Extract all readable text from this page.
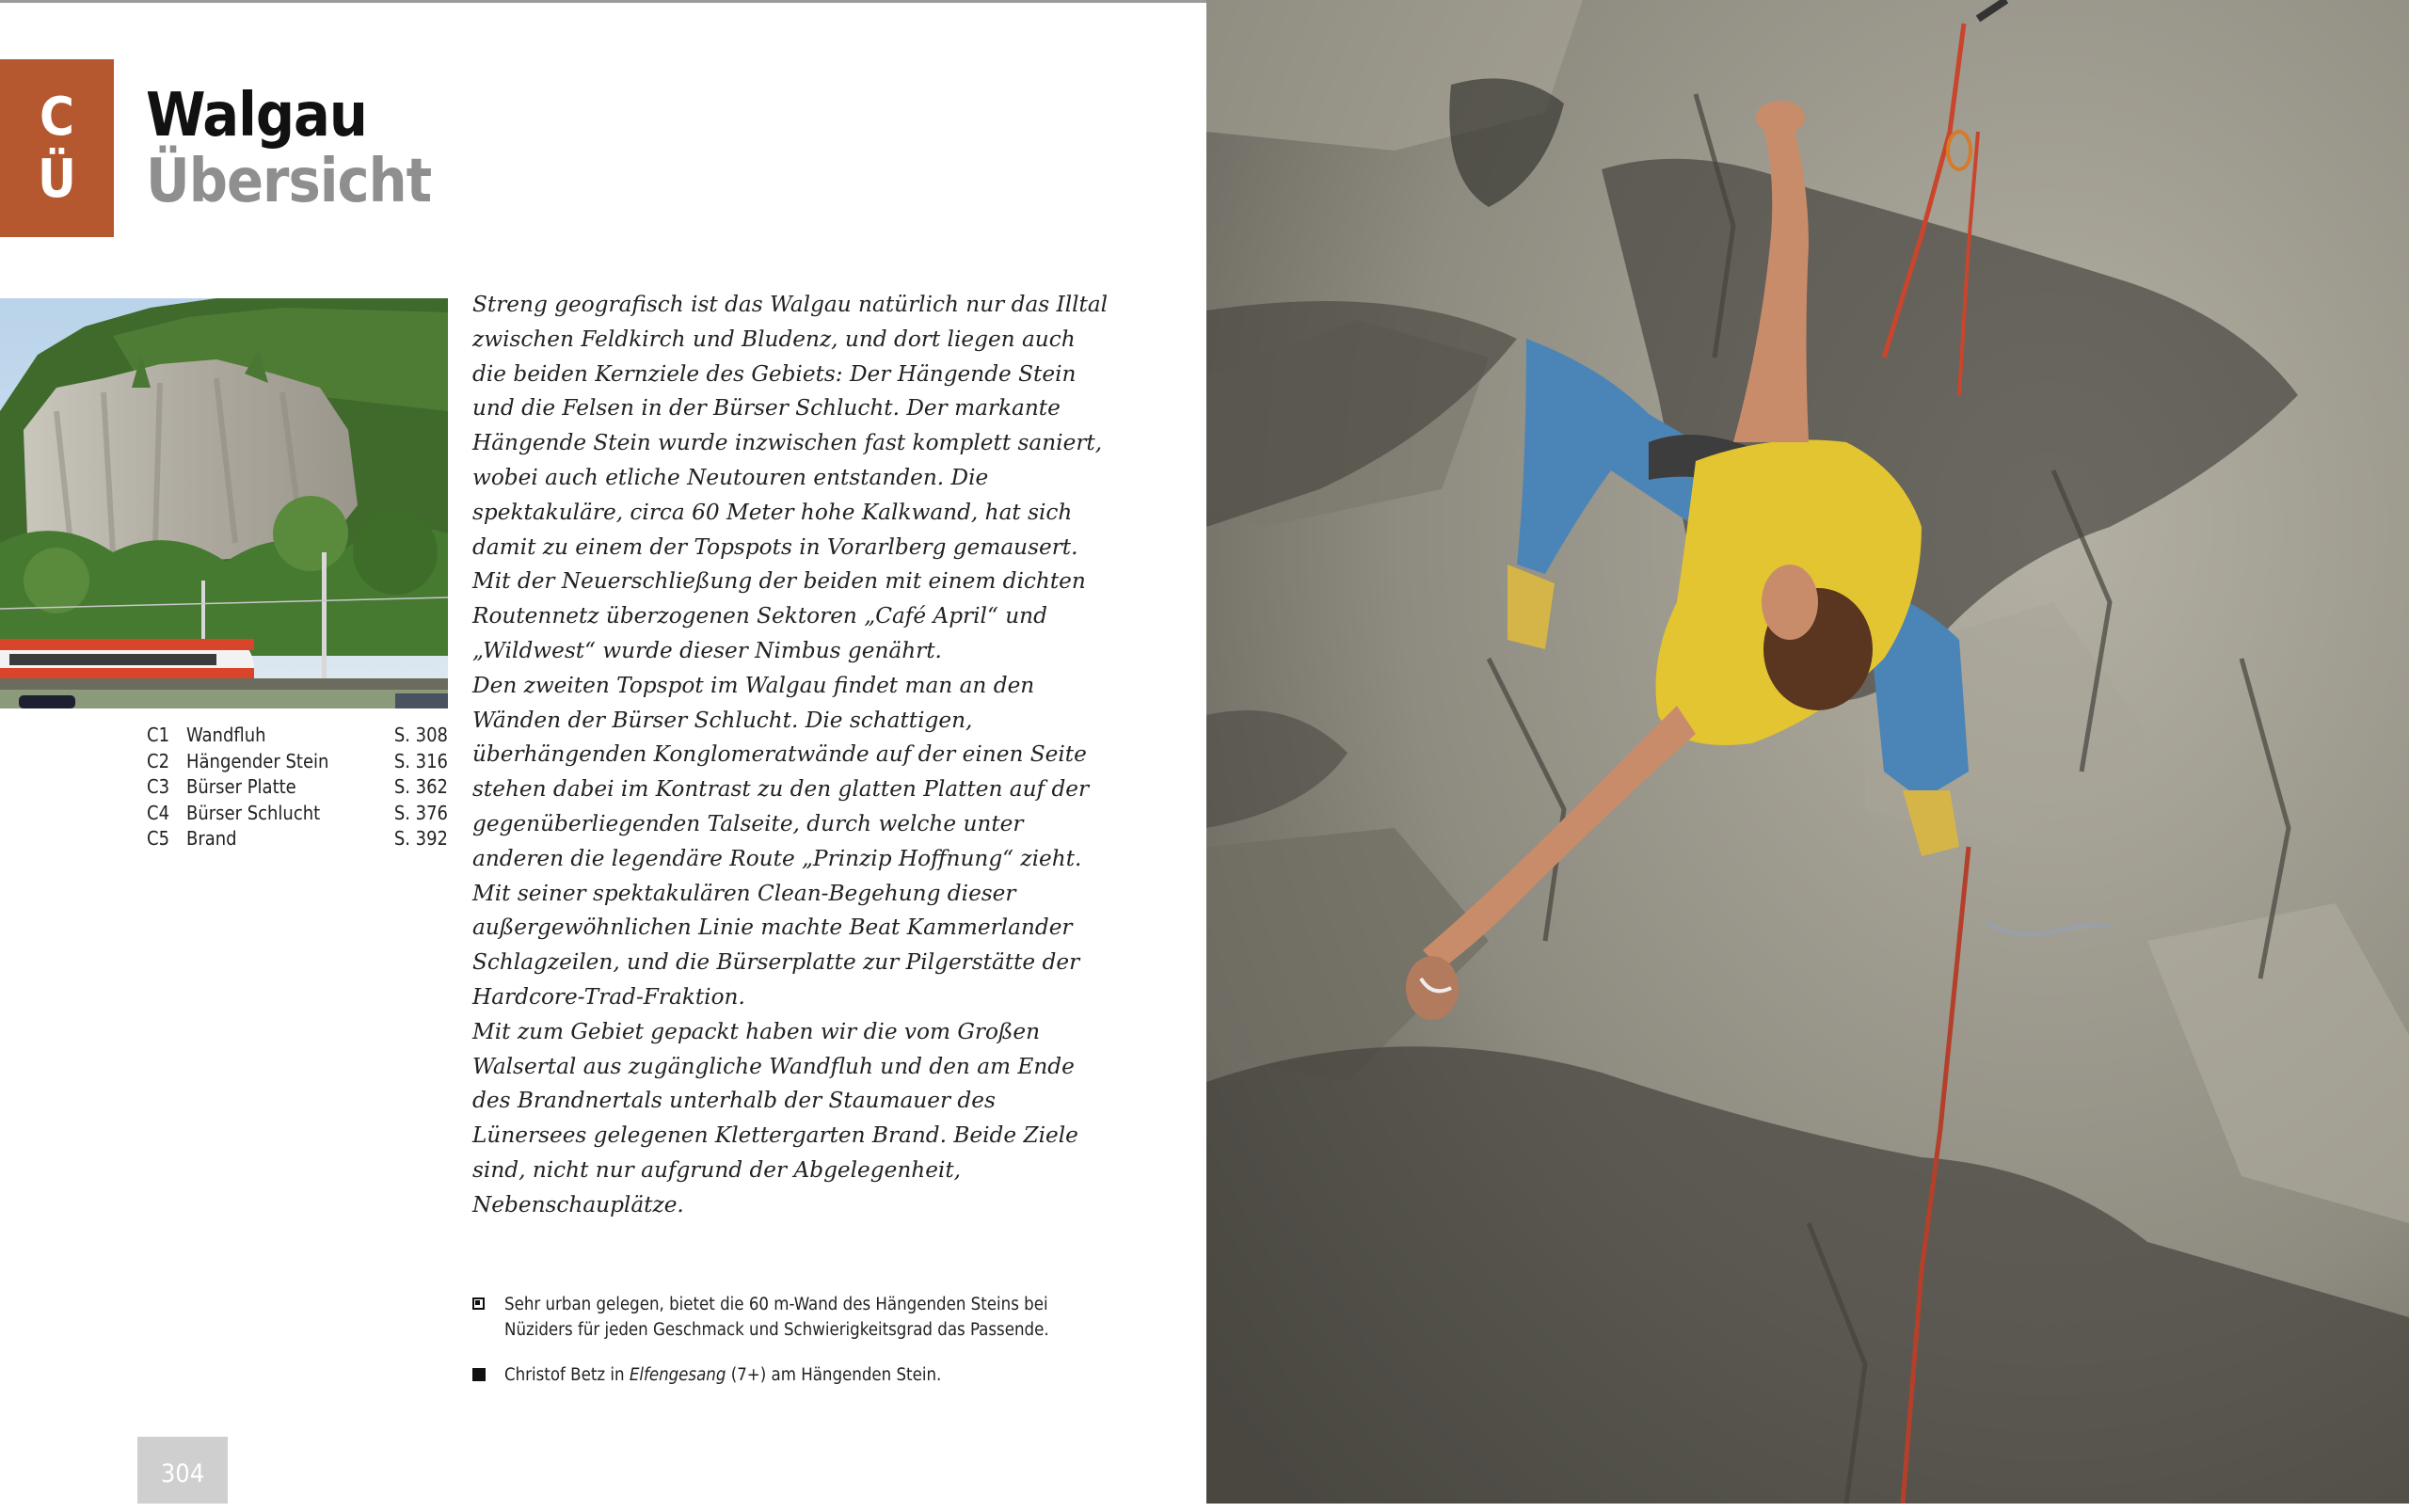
C
Ü
Walgau
Übersicht
C1 Wandfluh	S. 308
C2 Hängender Stein	S. 316
C3 Bürser Platte	S. 362
C4 Bürser Schlucht	S. 376
C5 Brand	S. 392

Streng geografisch ist das Walgau natürlich nur das Illtal zwischen Feldkirch und Bludenz, und dort liegen auch die beiden Kernziele des Gebiets: Der Hängende Stein und die Felsen in der Bürser Schlucht. Der markante Hängende Stein wurde inzwischen fast komplett saniert, wobei auch etliche Neutouren entstanden. Die spektakuläre, circa 60 Meter hohe Kalkwand, hat sich damit zu einem der Topspots in Vorarlberg gemausert. Mit der Neuerschließung der beiden mit einem dichten Routennetz überzogenen Sektoren „Café April“ und „Wildwest“ wurde dieser Nimbus genährt.

Den zweiten Topspot im Walgau findet man an den Wänden der Bürser Schlucht. Die schattigen, überhängenden Konglomeratwände auf der einen Seite stehen dabei im Kontrast zu den glatten Platten auf der gegenüberliegenden Talseite, durch welche unter anderen die legendäre Route „Prinzip Hoffnung“ zieht. Mit seiner spektakulären Clean-Begehung dieser außergewöhnlichen Linie machte Beat Kammerlander Schlagzeilen, und die Bürserplatte zur Pilgerstätte der Hardcore-Trad-Fraktion.

Mit zum Gebiet gepackt haben wir die vom Großen Walsertal aus zugängliche Wandfluh und den am Ende des Brandnertals unterhalb der Staumauer des Lünersees gelegenen Klettergarten Brand. Beide Ziele sind, nicht nur aufgrund der Abgelegenheit, Nebenschauplätze.

Sehr urban gelegen, bietet die 60 m-Wand des Hängenden Steins bei Nüziders für jeden Geschmack und Schwierigkeitsgrad das Passende.
Christof Betz in Elfengesang (7+) am Hängenden Stein.
304
